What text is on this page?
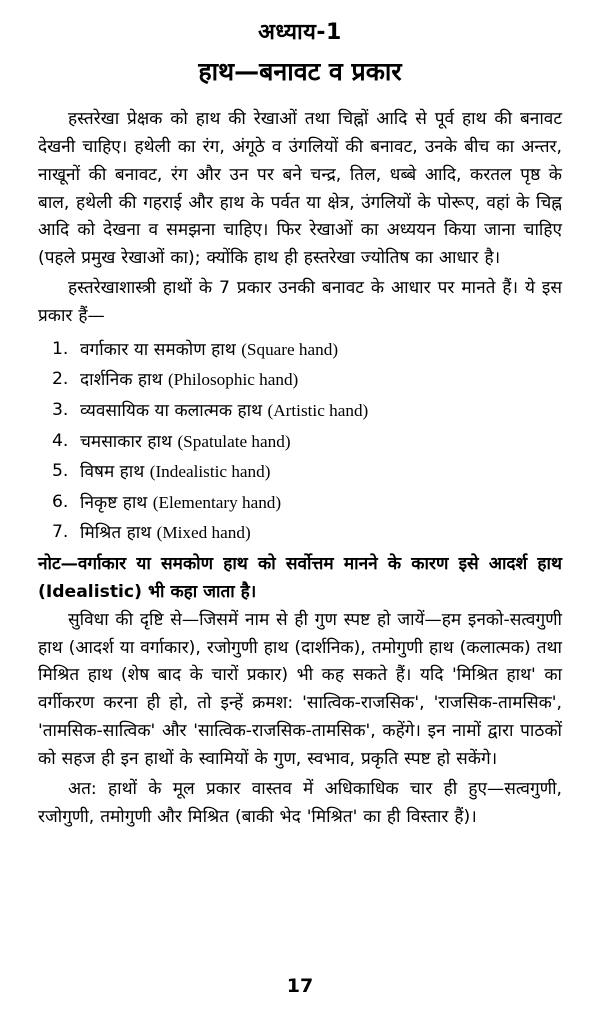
अध्याय-1
हाथ—बनावट व प्रकार

हस्तरेखा प्रेक्षक को हाथ की रेखाओं तथा चिह्नों आदि से पूर्व हाथ की बनावट देखनी चाहिए। हथेली का रंग, अंगूठे व उंगलियों की बनावट, उनके बीच का अन्तर, नाखूनों की बनावट, रंग और उन पर बने चन्द्र, तिल, धब्बे आदि, करतल पृष्ठ के बाल, हथेली की गहराई और हाथ के पर्वत या क्षेत्र, उंगलियों के पोरूए, वहां के चिह्न आदि को देखना व समझना चाहिए। फिर रेखाओं का अध्ययन किया जाना चाहिए (पहले प्रमुख रेखाओं का); क्योंकि हाथ ही हस्तरेखा ज्योतिष का आधार है।

हस्तरेखाशास्त्री हाथों के 7 प्रकार उनकी बनावट के आधार पर मानते हैं। ये इस प्रकार हैं—

1. वर्गाकार या समकोण हाथ (Square hand)
2. दार्शनिक हाथ (Philosophic hand)
3. व्यवसायिक या कलात्मक हाथ (Artistic hand)
4. चमसाकार हाथ (Spatulate hand)
5. विषम हाथ (Indealistic hand)
6. निकृष्ट हाथ (Elementary hand)
7. मिश्रित हाथ (Mixed hand)

नोट—वर्गाकार या समकोण हाथ को सर्वोत्तम मानने के कारण इसे आदर्श हाथ (Idealistic) भी कहा जाता है।

सुविधा की दृष्टि से—जिसमें नाम से ही गुण स्पष्ट हो जायें—हम इनको-सत्वगुणी हाथ (आदर्श या वर्गाकार), रजोगुणी हाथ (दार्शनिक), तमोगुणी हाथ (कलात्मक) तथा मिश्रित हाथ (शेष बाद के चारों प्रकार) भी कह सकते हैं। यदि 'मिश्रित हाथ' का वर्गीकरण करना ही हो, तो इन्हें क्रमश: 'सात्विक-राजसिक', 'राजसिक-तामसिक', 'तामसिक-सात्विक' और 'सात्विक-राजसिक-तामसिक', कहेंगे। इन नामों द्वारा पाठकों को सहज ही इन हाथों के स्वामियों के गुण, स्वभाव, प्रकृति स्पष्ट हो सकेंगे।

अत: हाथों के मूल प्रकार वास्तव में अधिकाधिक चार ही हुए—सत्वगुणी, रजोगुणी, तमोगुणी और मिश्रित (बाकी भेद 'मिश्रित' का ही विस्तार हैं)।

17
